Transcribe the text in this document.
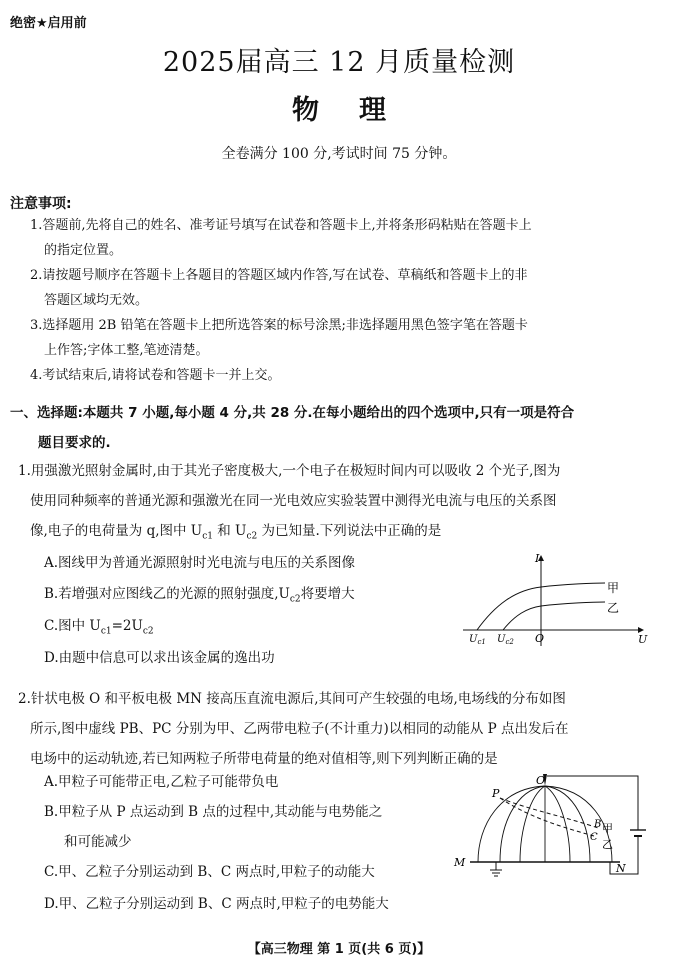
绝密★启用前
2025届高三 12 月质量检测
物理
全卷满分 100 分,考试时间 75 分钟。
注意事项:
1.答题前,先将自己的姓名、准考证号填写在试卷和答题卡上,并将条形码粘贴在答题卡上
的指定位置。
2.请按题号顺序在答题卡上各题目的答题区域内作答,写在试卷、草稿纸和答题卡上的非
答题区域均无效。
3.选择题用 2B 铅笔在答题卡上把所选答案的标号涂黑;非选择题用黑色签字笔在答题卡
上作答;字体工整,笔迹清楚。
4.考试结束后,请将试卷和答题卡一并上交。
一、选择题:本题共 7 小题,每小题 4 分,共 28 分.在每小题给出的四个选项中,只有一项是符合
题目要求的.
1.用强激光照射金属时,由于其光子密度极大,一个电子在极短时间内可以吸收 2 个光子,图为
使用同种频率的普通光源和强激光在同一光电效应实验装置中测得光电流与电压的关系图
像,电子的电荷量为 q,图中 $U_{c1}$ 和 $U_{c2}$ 为已知量.下列说法中正确的是
A.图线甲为普通光源照射时光电流与电压的关系图像
B.若增强对应图线乙的光源的照射强度$,U_{c2}$将要增大
C.图中 $U_{c1}=2U_{c2}$
D.由题中信息可以求出该金属的逸出功
I
U
O
$U_{c1}$ $U_{c2}$
甲
乙
2.针状电极 O 和平板电极 MN 接高压直流电源后,其间可产生较强的电场,电场线的分布如图
所示,图中虚线 PB、PC 分别为甲、乙两带电粒子(不计重力)以相同的动能从 P 点出发后在
电场中的运动轨迹,若已知两粒子所带电荷量的绝对值相等,则下列判断正确的是
A.甲粒子可能带正电,乙粒子可能带负电
B.甲粒子从 P 点运动到 B 点的过程中,其动能与电势能之
和可能减少
C.甲、乙粒子分别运动到 B、C 两点时,甲粒子的动能大
D.甲、乙粒子分别运动到 B、C 两点时,甲粒子的电势能大
O
P
B
C
甲
乙
M	N
【高三物理 第 1 页(共 6 页)】
